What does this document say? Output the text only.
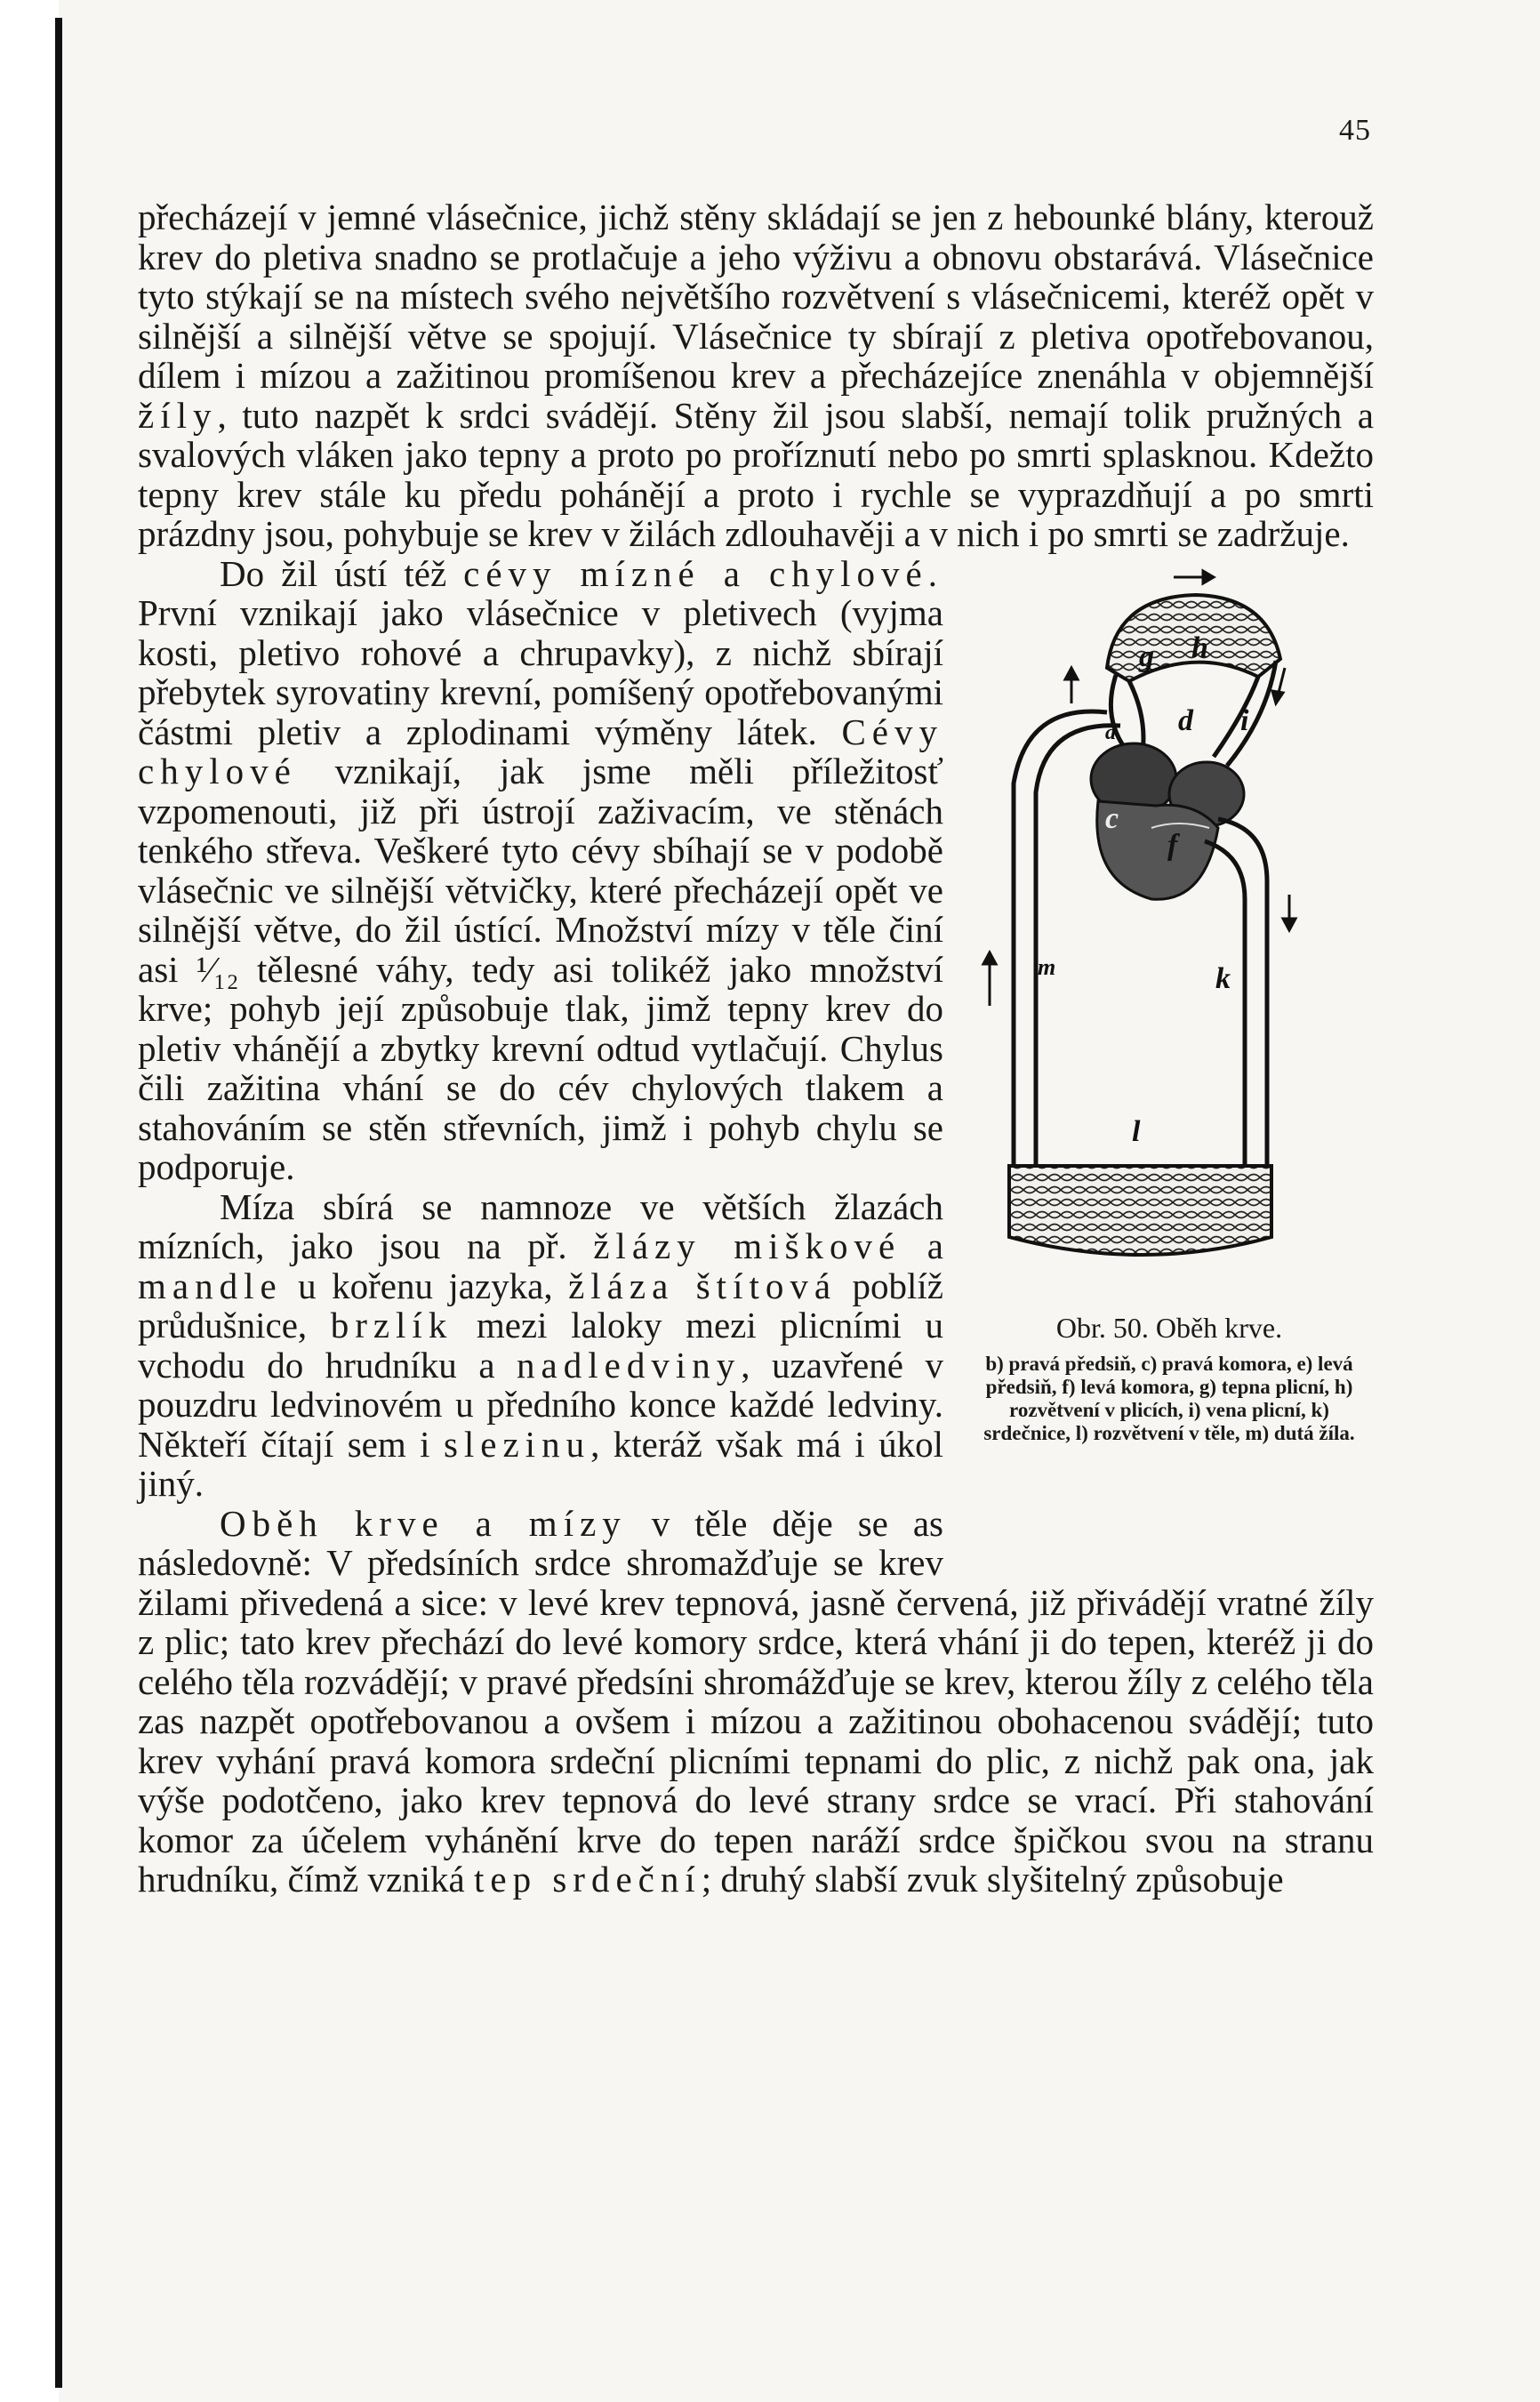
45

přecházejí v jemné vlásečnice, jichž stěny skládají se jen z hebounké blány, kterouž krev do pletiva snadno se protlačuje a jeho výživu a obnovu obstarává. Vlásečnice tyto stýkají se na místech svého největšího rozvětvení s vlásečnicemi, kteréž opět v silnější a silnější větve se spojují. Vlásečnice ty sbírají z pletiva opotřebovanou, dílem i mízou a zažitinou promíšenou krev a přecházejíce znenáhla v objemnější žíly, tuto nazpět k srdci svádějí. Stěny žil jsou slabší, nemají tolik pružných a svalových vláken jako tepny a proto po proříznutí nebo po smrti splasknou. Kdežto tepny krev stále ku předu pohánějí a proto i rychle se vyprazdňují a po smrti prázdny jsou, pohybuje se krev v žilách zdlouhavěji a v nich i po smrti se zadržuje.

g h
a d i
c
f
m	k
l
Obr. 50. Oběh krve.
b) pravá předsiň, c) pravá komora, e) levá předsiň, f) levá komora, g) tepna plicní, h) rozvětvení v plicích, i) vena plicní, k) srdečnice, l) rozvětvení v těle, m) dutá žíla.

Do žil ústí též cévy mízné a chylové. První vznikají jako vlásečnice v pletivech (vyjma kosti, pletivo rohové a chrupavky), z nichž sbírají přebytek syrovatiny krevní, pomíšený opotřebovanými částmi pletiv a zplodinami výměny látek. Cévy chylové vznikají, jak jsme měli příležitosť vzpomenouti, již při ústrojí zaživacím, ve stěnách tenkého střeva. Veškeré tyto cévy sbíhají se v podobě vlásečnic ve silnější větvičky, které přecházejí opět ve silnější větve, do žil ústící. Množství mízy v těle činí asi ¹⁄₁₂ tělesné váhy, tedy asi tolikéž jako množství krve; pohyb její způsobuje tlak, jimž tepny krev do pletiv vhánějí a zbytky krevní odtud vytlačují. Chylus čili zažitina vhání se do cév chylových tlakem a stahováním se stěn střevních, jimž i pohyb chylu se podporuje.

Míza sbírá se namnoze ve větších žlazách mízních, jako jsou na př. žlázy miškové a mandle u kořenu jazyka, žláza štítová poblíž průdušnice, brzlík mezi laloky mezi plicními u vchodu do hrudníku a nadledviny, uzavřené v pouzdru ledvinovém u předního konce každé ledviny. Někteří čítají sem i slezinu, kteráž však má i úkol jiný.

Oběh krve a mízy v těle děje se as následovně: V předsíních srdce shromažďuje se krev žilami přivedená a sice: v levé krev tepnová, jasně červená, již přivádějí vratné žíly z plic; tato krev přechází do levé komory srdce, která vhání ji do tepen, kteréž ji do celého těla rozvádějí; v pravé předsíni shromážďuje se krev, kterou žíly z celého těla zas nazpět opotřebovanou a ovšem i mízou a zažitinou obohacenou svádějí; tuto krev vyhání pravá komora srdeční plicními tepnami do plic, z nichž pak ona, jak výše podotčeno, jako krev tepnová do levé strany srdce se vrací. Při stahování komor za účelem vyhánění krve do tepen naráží srdce špičkou svou na stranu hrudníku, čímž vzniká tep srdeční; druhý slabší zvuk slyšitelný způsobuje
